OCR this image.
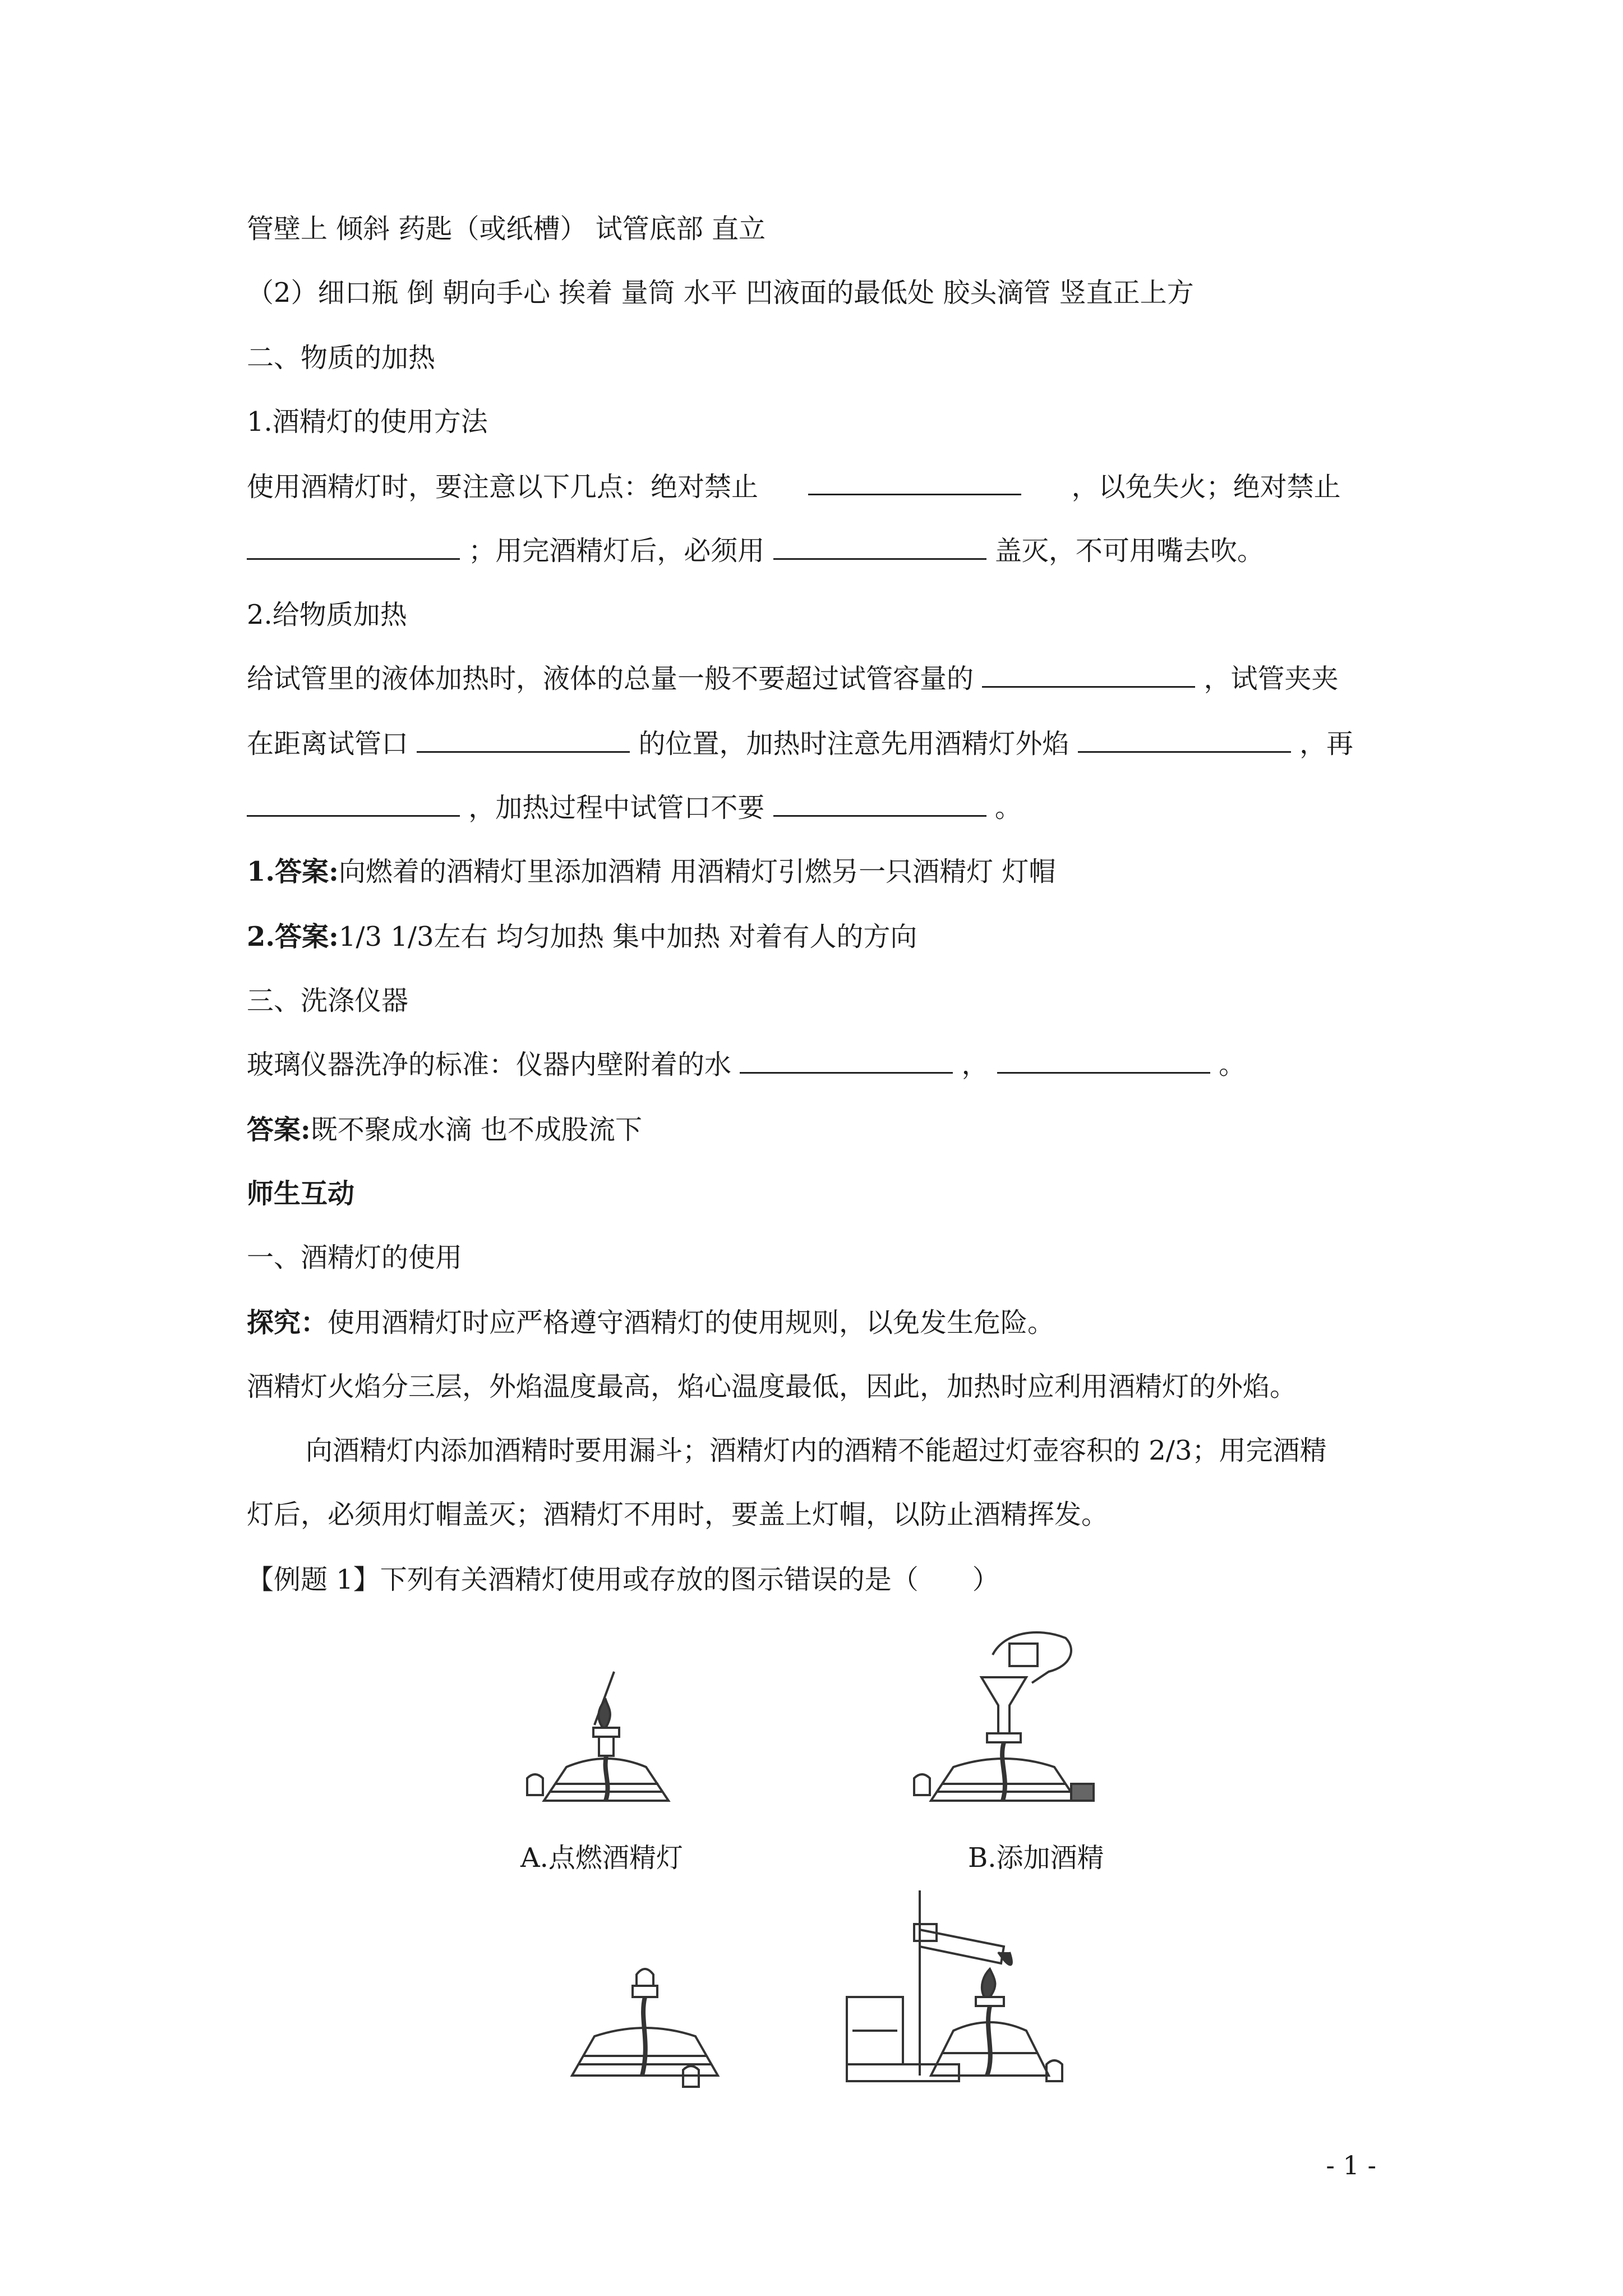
管壁上 倾斜 药匙（或纸槽） 试管底部 直立
（2）细口瓶 倒 朝向手心 挨着 量筒 水平 凹液面的最低处 胶头滴管 竖直正上方
二、物质的加热
1.酒精灯的使用方法
使用酒精灯时，要注意以下几点：绝对禁止	，以免失火；绝对禁止
；用完酒精灯后，必须用	盖灭，不可用嘴去吹。
2.给物质加热
给试管里的液体加热时，液体的总量一般不要超过试管容量的	，试管夹夹
在距离试管口	的位置，加热时注意先用酒精灯外焰	，再
，加热过程中试管口不要	。
1.答案:向燃着的酒精灯里添加酒精 用酒精灯引燃另一只酒精灯 灯帽
2.答案:1/3 1/3左右 均匀加热 集中加热 对着有人的方向
三、洗涤仪器
玻璃仪器洗净的标准：仪器内壁附着的水	，	。
答案:既不聚成水滴 也不成股流下
师生互动
一、酒精灯的使用
探究：使用酒精灯时应严格遵守酒精灯的使用规则，以免发生危险。
酒精灯火焰分三层，外焰温度最高，焰心温度最低，因此，加热时应利用酒精灯的外焰。
向酒精灯内添加酒精时要用漏斗；酒精灯内的酒精不能超过灯壶容积的 2/3；用完酒精
灯后，必须用灯帽盖灭；酒精灯不用时，要盖上灯帽，以防止酒精挥发。
【例题 1】下列有关酒精灯使用或存放的图示错误的是（　　）
A.点燃酒精灯	B.添加酒精
- 1 -
